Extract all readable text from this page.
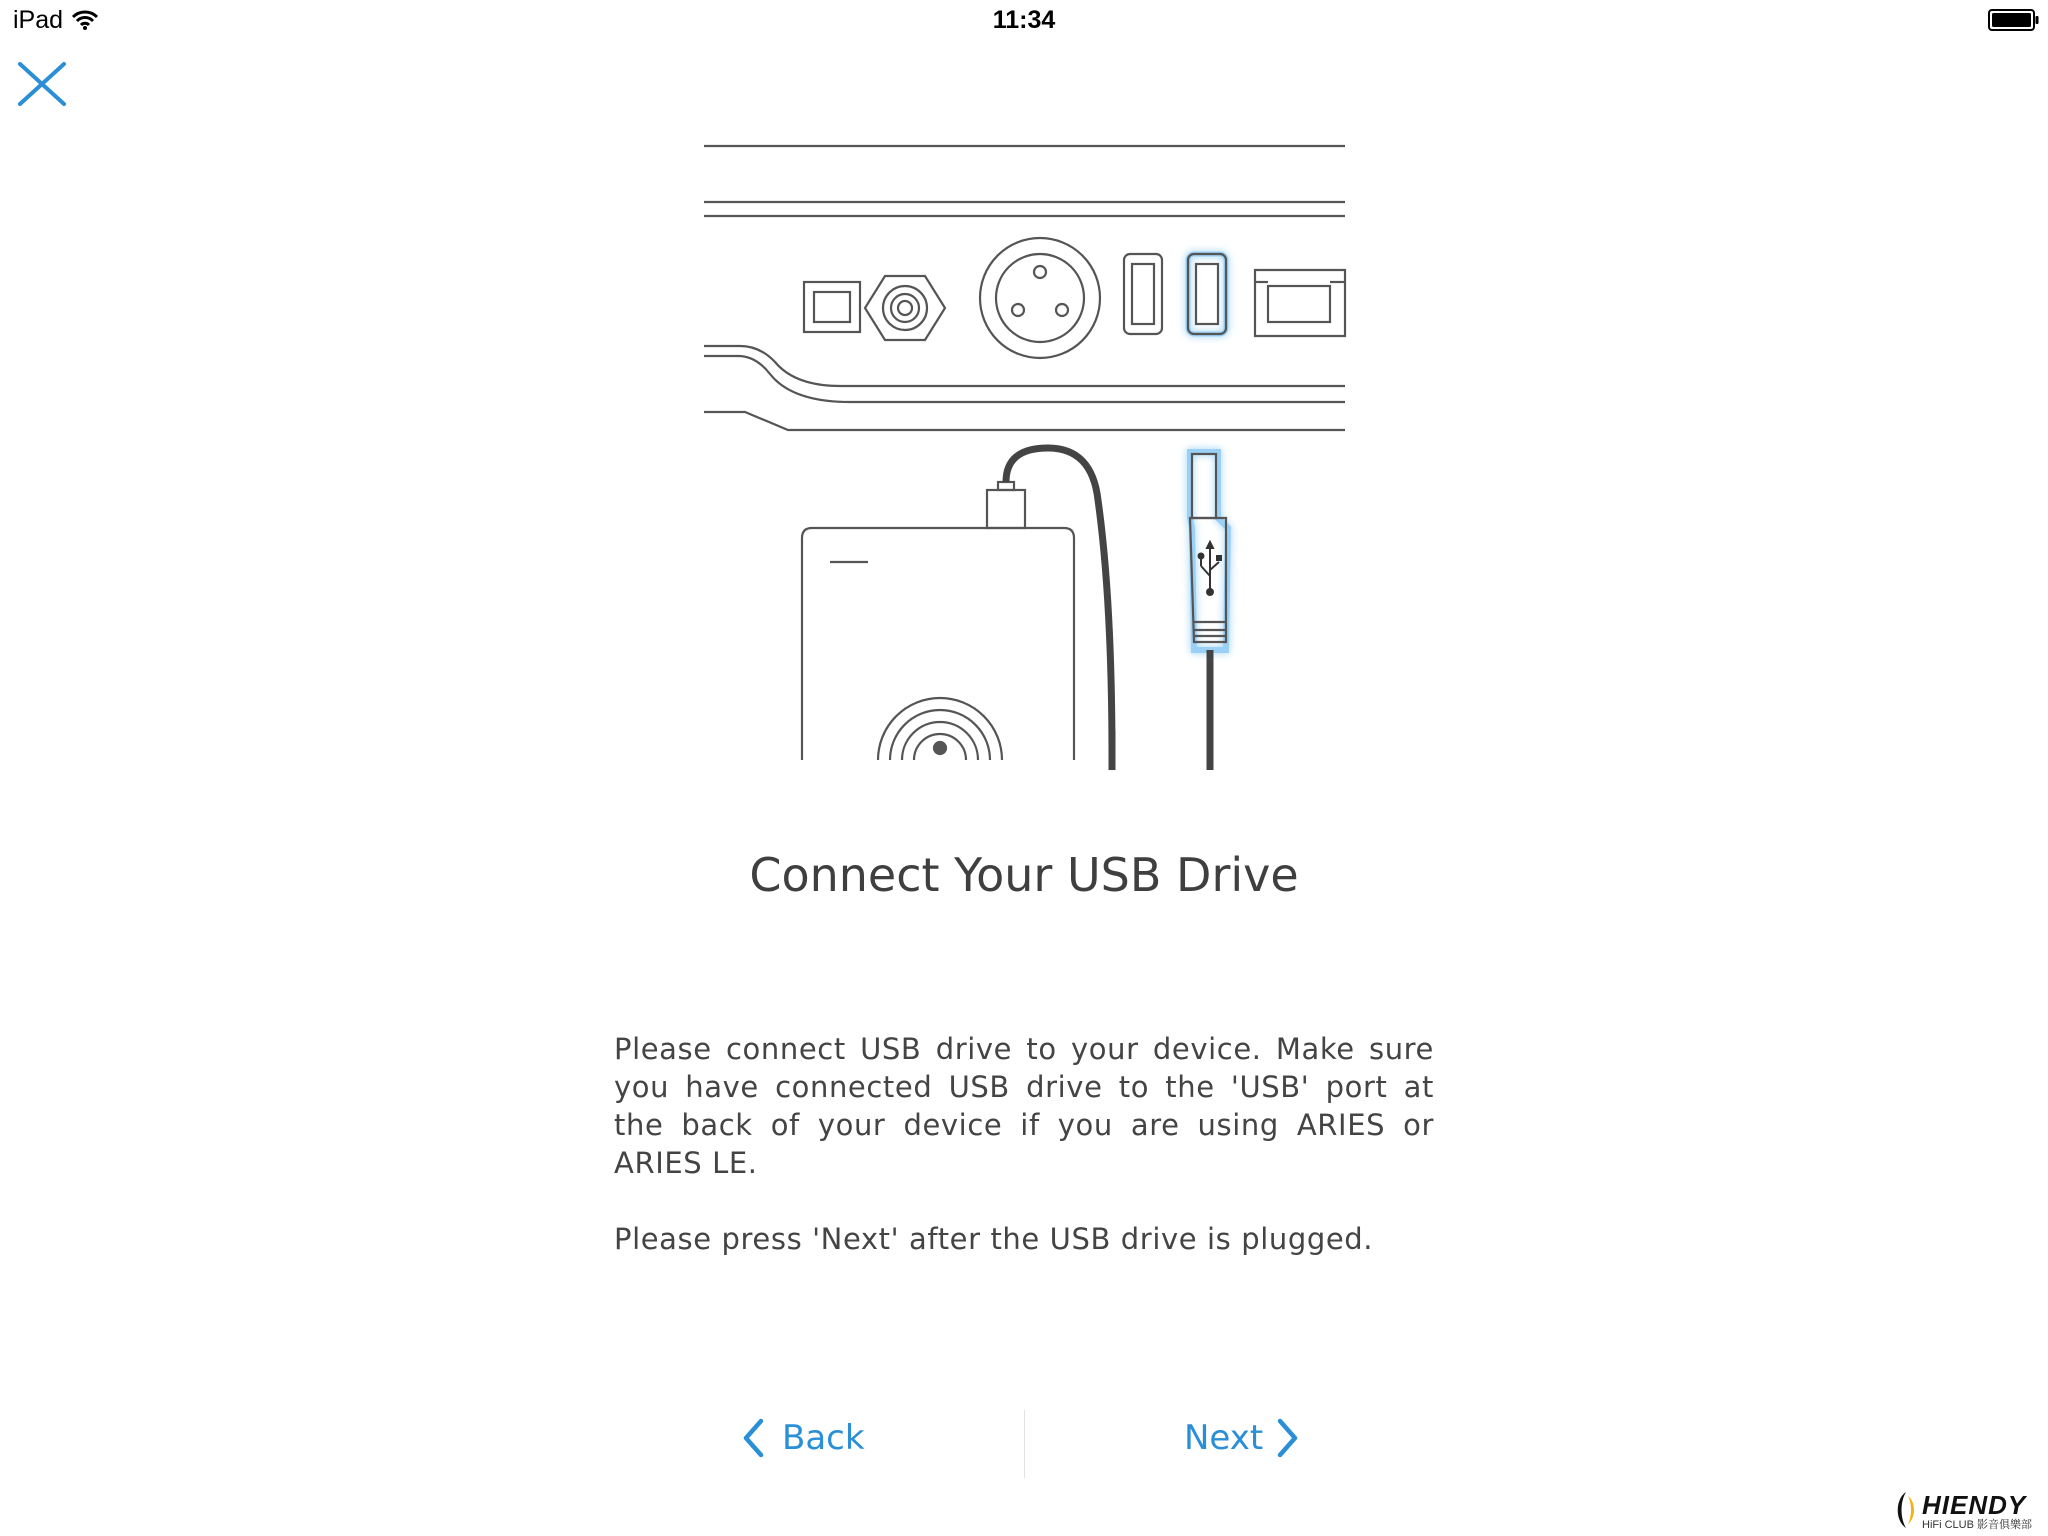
iPad	11:34
Connect Your USB Drive

Please connect USB drive to your device. Make sure you have connected USB drive to the 'USB' port at the back of your device if you are using ARIES or ARIES LE.

Please press 'Next' after the USB drive is plugged.

Back	Next
HIENDY
HiFi CLUB 影音俱樂部
